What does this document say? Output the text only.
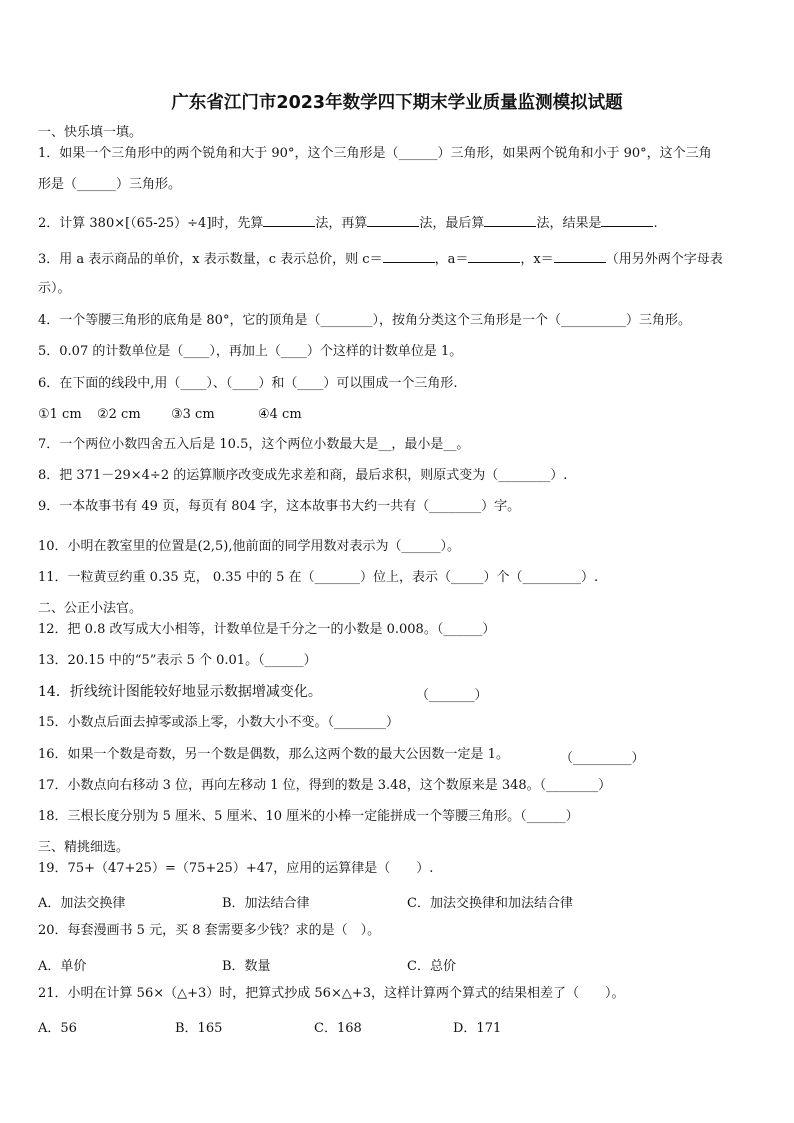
广东省江门市2023年数学四下期末学业质量监测模拟试题
一、快乐填一填。
1．如果一个三角形中的两个锐角和大于 90°，这个三角形是（______）三角形，如果两个锐角和小于 90°，这个三角
形是（______）三角形。
2．计算 380×[（65-25）÷4]时，先算	法，再算	法，最后算	法，结果是	.
3．用 a 表示商品的单价，x 表示数量，c 表示总价，则 c＝	，a＝	，x＝	（用另外两个字母表
示）。
4．一个等腰三角形的底角是 80°，它的顶角是（________），按角分类这个三角形是一个（__________）三角形。
5．0.07 的计数单位是（____），再加上（____）个这样的计数单位是 1。
6．在下面的线段中,用（____）、（____）和（____）可以围成一个三角形.
①1 cm ②2 cm ③3 cm	④4 cm
7．一个两位小数四舍五入后是 10.5，这个两位小数最大是__，最小是__。
8．把 371－29×4÷2 的运算顺序改变成先求差和商，最后求积，则原式变为（________）.
9．一本故事书有 49 页，每页有 804 字，这本故事书大约一共有（________）字。
10．小明在教室里的位置是(2,5),他前面的同学用数对表示为（______）。
11．一粒黄豆约重 0.35 克， 0.35 中的 5 在（_______）位上，表示（_____）个（_________）.
二、公正小法官。
12．把 0.8 改写成大小相等，计数单位是千分之一的小数是 0.008。（______）
13．20.15 中的“5”表示 5 个 0.01。（______）
14．折线统计图能较好地显示数据增减变化。	（_______）
15．小数点后面去掉零或添上零，小数大小不变。（________）
16．如果一个数是奇数，另一个数是偶数，那么这两个数的最大公因数一定是 1。	（_________）
17．小数点向右移动 3 位，再向左移动 1 位，得到的数是 3.48，这个数原来是 348。（________）
18．三根长度分别为 5 厘米、5 厘米、10 厘米的小棒一定能拼成一个等腰三角形。（______）
三、精挑细选。
19．75+（47+25）=（75+25）+47，应用的运算律是（　　）.
A．加法交换律	B．加法结合律	C．加法交换律和加法结合律
20．每套漫画书 5 元，买 8 套需要多少钱？求的是（　）。
A．单价	B．数量	C．总价
21．小明在计算 56×（△+3）时，把算式抄成 56×△+3，这样计算两个算式的结果相差了（　　）。
A．56	B．165	C．168	D．171
